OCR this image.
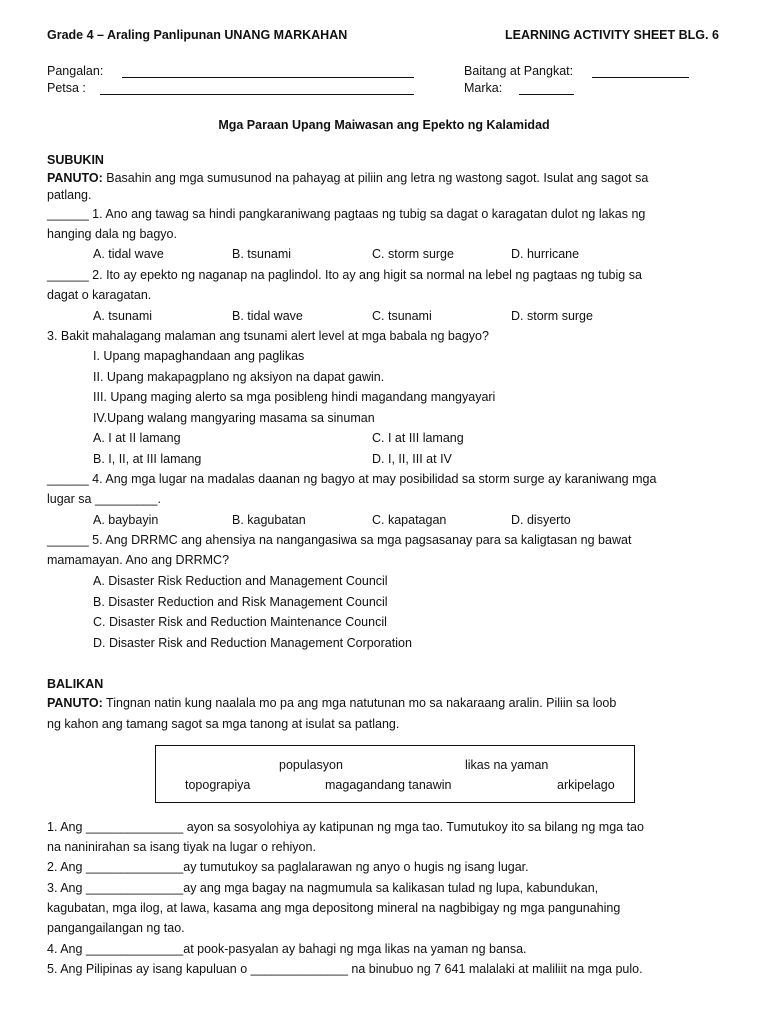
Grade 4 – Araling Panlipunan UNANG MARKAHAN	LEARNING ACTIVITY SHEET BLG. 6
Pangalan:
Petsa :
Baitang at Pangkat:
Marka:
Mga Paraan Upang Maiwasan ang Epekto ng Kalamidad
SUBUKIN
PANUTO: Basahin ang mga sumusunod na pahayag at piliin ang letra ng wastong sagot. Isulat ang sagot sa
patlang.
______ 1. Ano ang tawag sa hindi pangkaraniwang pagtaas ng tubig sa dagat o karagatan dulot ng lakas ng
hanging dala ng bagyo.
A. tidal wave	B. tsunami	C. storm surge	D. hurricane
______ 2. Ito ay epekto ng naganap na paglindol. Ito ay ang higit sa normal na lebel ng pagtaas ng tubig sa
dagat o karagatan.
A. tsunami	B. tidal wave	C. tsunami	D. storm surge
3. Bakit mahalagang malaman ang tsunami alert level at mga babala ng bagyo?
I. Upang mapaghandaan ang paglikas
II. Upang makapagplano ng aksiyon na dapat gawin.
III. Upang maging alerto sa mga posibleng hindi magandang mangyayari
IV.Upang walang mangyaring masama sa sinuman
A. I at II lamang	C. I at III lamang
B. I, II, at III lamang	D. I, II, III at IV
______ 4. Ang mga lugar na madalas daanan ng bagyo at may posibilidad sa storm surge ay karaniwang mga
lugar sa _________.
A. baybayin	B. kagubatan	C. kapatagan	D. disyerto
______ 5. Ang DRRMC ang ahensiya na nangangasiwa sa mga pagsasanay para sa kaligtasan ng bawat
mamamayan. Ano ang DRRMC?
A. Disaster Risk Reduction and Management Council
B. Disaster Reduction and Risk Management Council
C. Disaster Risk and Reduction Maintenance Council
D. Disaster Risk and Reduction Management Corporation
BALIKAN
PANUTO: Tingnan natin kung naalala mo pa ang mga natutunan mo sa nakaraang aralin. Piliin sa loob
ng kahon ang tamang sagot sa mga tanong at isulat sa patlang.
populasyon	likas na yaman
topograpiya	magagandang tanawin	arkipelago
1. Ang ______________ ayon sa sosyolohiya ay katipunan ng mga tao. Tumutukoy ito sa bilang ng mga tao
na naninirahan sa isang tiyak na lugar o rehiyon.
2. Ang ______________ay tumutukoy sa paglalarawan ng anyo o hugis ng isang lugar.
3. Ang ______________ay ang mga bagay na nagmumula sa kalikasan tulad ng lupa, kabundukan,
kagubatan, mga ilog, at lawa, kasama ang mga depositong mineral na nagbibigay ng mga pangunahing
pangangailangan ng tao.
4. Ang ______________at pook-pasyalan ay bahagi ng mga likas na yaman ng bansa.
5. Ang Pilipinas ay isang kapuluan o ______________ na binubuo ng 7 641 malalaki at maliliit na mga pulo.
